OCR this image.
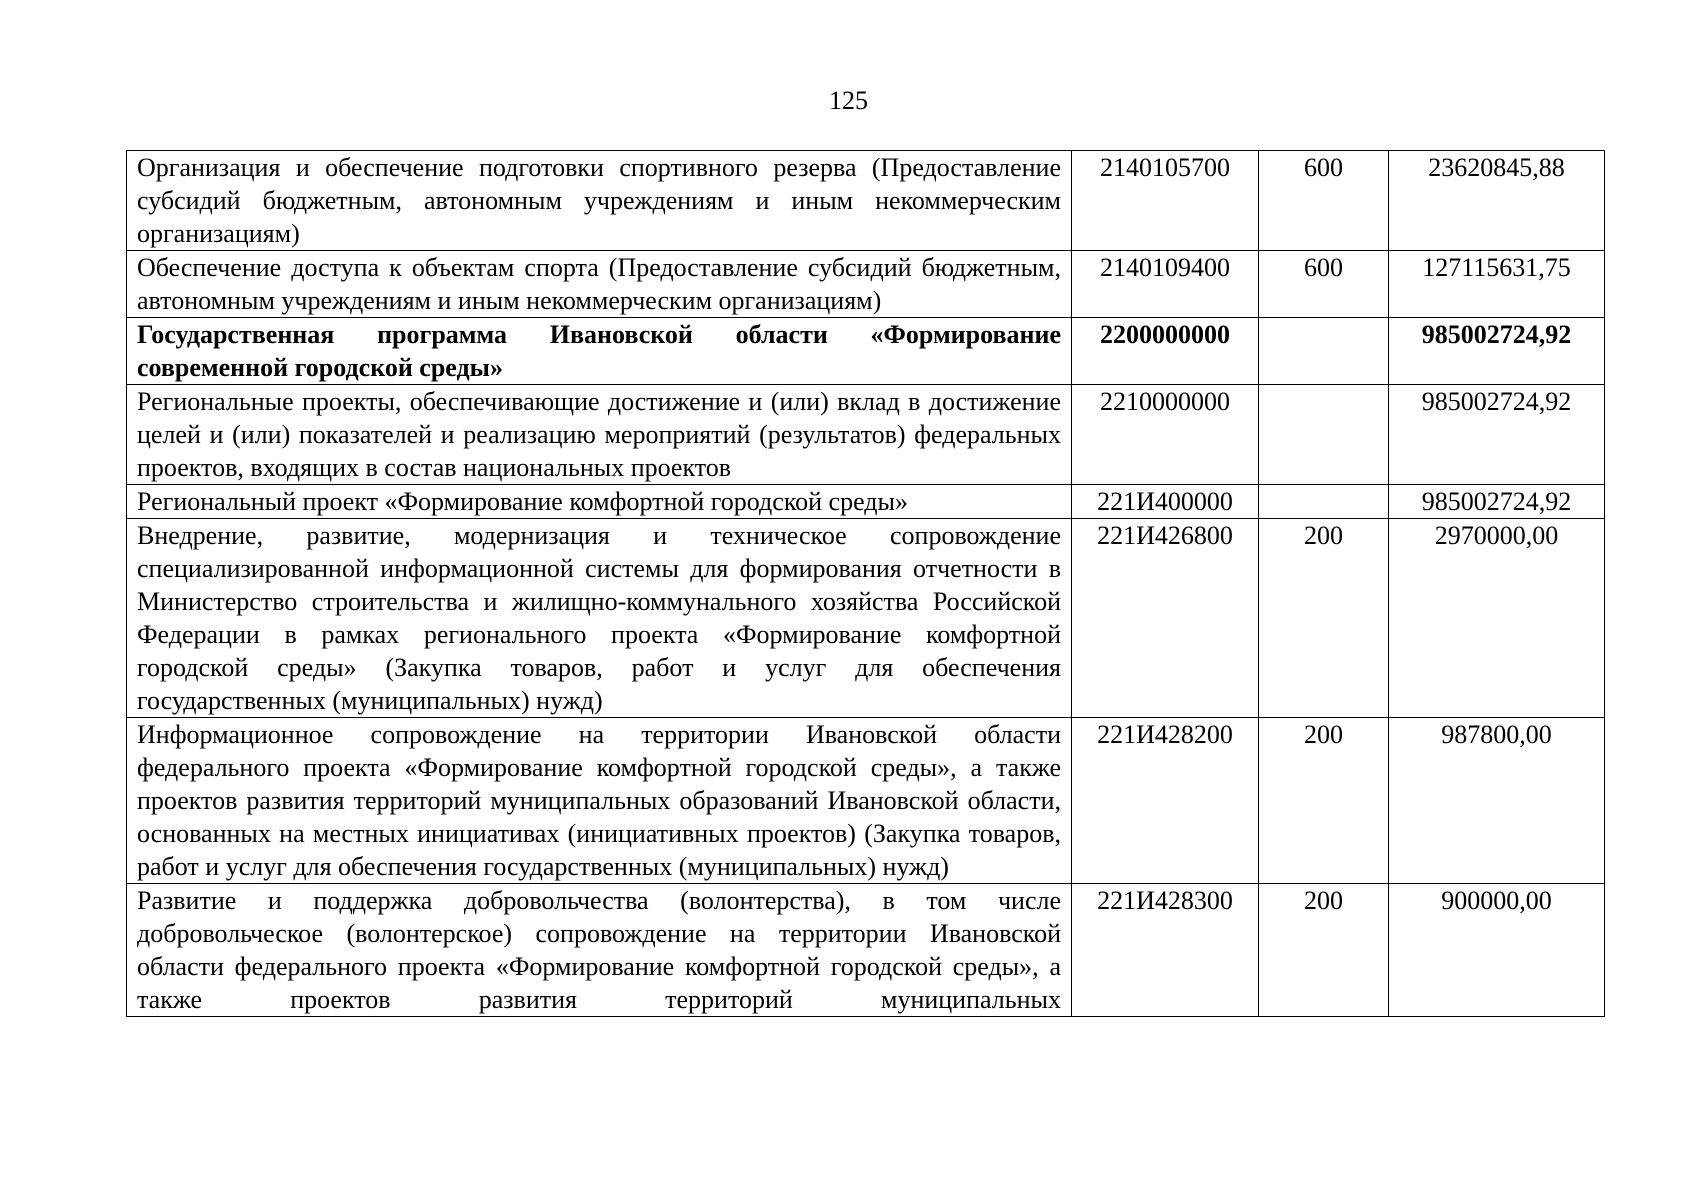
125
Организация и обеспечение подготовки спортивного резерва (Предоставление субсидий бюджетным, автономным учреждениям и иным некоммерческим организациям)	2140105700	600	23620845,88
Обеспечение доступа к объектам спорта (Предоставление субсидий бюджетным, автономным учреждениям и иным некоммерческим организациям)	2140109400	600	127115631,75
Государственная программа Ивановской области «Формирование современной городской среды»	2200000000		985002724,92
Региональные проекты, обеспечивающие достижение и (или) вклад в достижение целей и (или) показателей и реализацию мероприятий (результатов) федеральных проектов, входящих в состав национальных проектов	2210000000		985002724,92
Региональный проект «Формирование комфортной городской среды»	221И400000		985002724,92
Внедрение, развитие, модернизация и техническое сопровождение специализированной информационной системы для формирования отчетности в Министерство строительства и жилищно-коммунального хозяйства Российской Федерации в рамках регионального проекта «Формирование комфортной городской среды» (Закупка товаров, работ и услуг для обеспечения государственных (муниципальных) нужд)	221И426800	200	2970000,00
Информационное сопровождение на территории Ивановской области федерального проекта «Формирование комфортной городской среды», а также проектов развития территорий муниципальных образований Ивановской области, основанных на местных инициативах (инициативных проектов) (Закупка товаров, работ и услуг для обеспечения государственных (муниципальных) нужд)	221И428200	200	987800,00
Развитие и поддержка добровольчества (волонтерства), в том числе добровольческое (волонтерское) сопровождение на территории Ивановской области федерального проекта «Формирование комфортной городской среды», а также проектов развития территорий муниципальных	221И428300	200	900000,00
